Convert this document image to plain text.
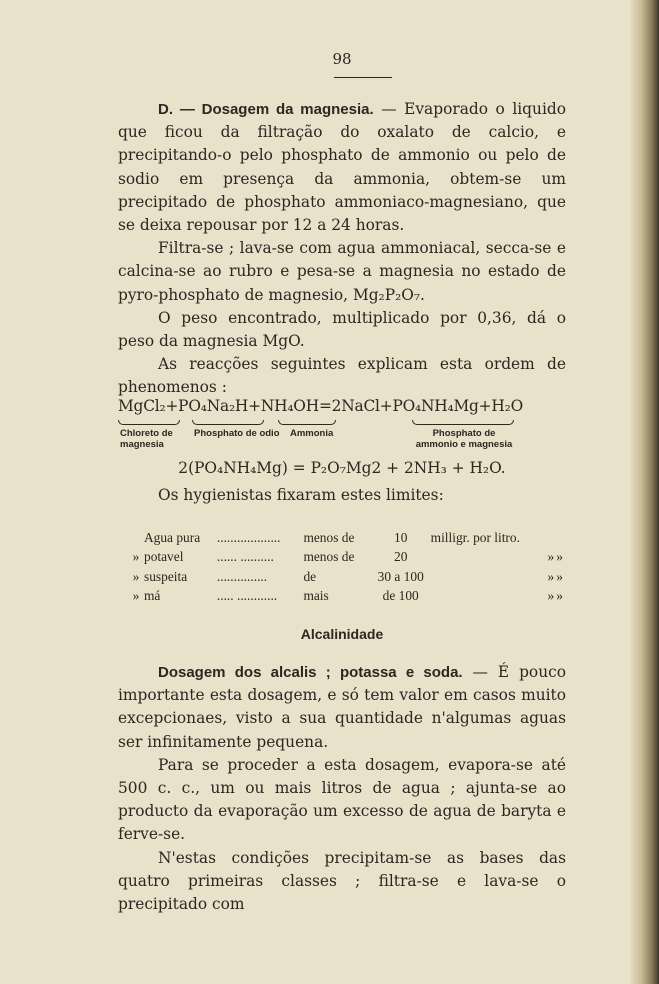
98

D. — Dosagem da magnesia. — Evaporado o liquido que ficou da filtração do oxalato de calcio, e precipitando-o pelo phosphato de ammonio ou pelo de sodio em presença da ammonia, obtem-se um precipitado de phosphato ammoniaco-magnesiano, que se deixa repousar por 12 a 24 horas.

Filtra-se ; lava-se com agua ammoniacal, secca-se e calcina-se ao rubro e pesa-se a magnesia no estado de pyro-phosphato de magnesio, Mg₂P₂O₇.

O peso encontrado, multiplicado por 0,36, dá o peso da magnesia MgO.

As reacções seguintes explicam esta ordem de phenomenos :

MgCl₂+PO₄Na₂H+NH₄OH=2NaCl+PO₄NH₄Mg+H₂O
Chloreto de magnesia
Phosphato de odio	Ammonia	Phosphato de ammonio e magnesia
2(PO₄NH₄Mg) = P₂O₇Mg2 + 2NH₃ + H₂O.
Os hygienistas fixaram estes limites:
	Agua pura	...................	menos de	10	milligr. por litro.		
»	potavel	...... ..........	menos de	20		»	»
»	suspeita	...............	de	30 a 100		»	»
»	má	..... ............	mais	de 100		»	»
Alcalinidade

Dosagem dos alcalis ; potassa e soda. — É pouco importante esta dosagem, e só tem valor em casos muito excepcionaes, visto a sua quantidade n'algumas aguas ser infinitamente pequena.

Para se proceder a esta dosagem, evapora-se até 500 c. c., um ou mais litros de agua ; ajunta-se ao producto da evaporação um excesso de agua de baryta e ferve-se.

N'estas condições precipitam-se as bases das quatro primeiras classes ; filtra-se e lava-se o precipitado com
